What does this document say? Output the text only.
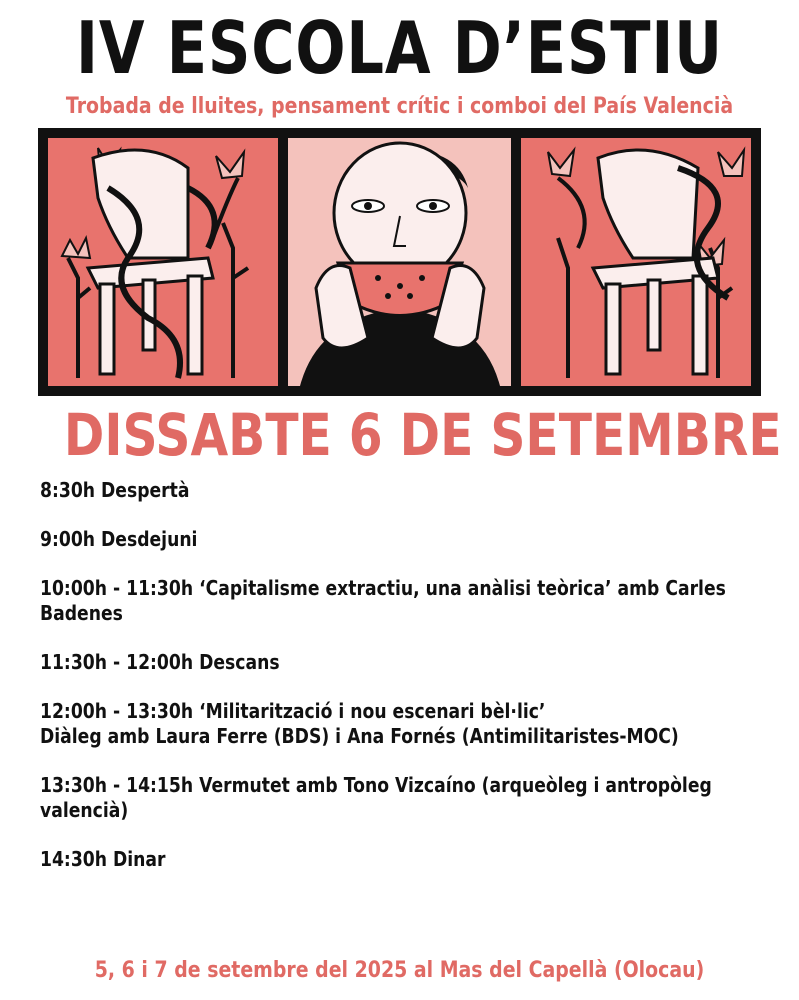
IV ESCOLA D’ESTIU
Trobada de lluites, pensament crític i comboi del País Valencià
DISSABTE 6 DE SETEMBRE
8:30h Despertà
9:00h Desdejuni
10:00h - 11:30h ‘Capitalisme extractiu, una anàlisi teòrica’ amb Carles
Badenes
11:30h - 12:00h Descans
12:00h - 13:30h ‘Militarització i nou escenari bèl·lic’
Diàleg amb Laura Ferre (BDS) i Ana Fornés (Antimilitaristes-MOC)
13:30h - 14:15h Vermutet amb Tono Vizcaíno (arqueòleg i antropòleg
valencià)
14:30h Dinar
5, 6 i 7 de setembre del 2025 al Mas del Capellà (Olocau)
